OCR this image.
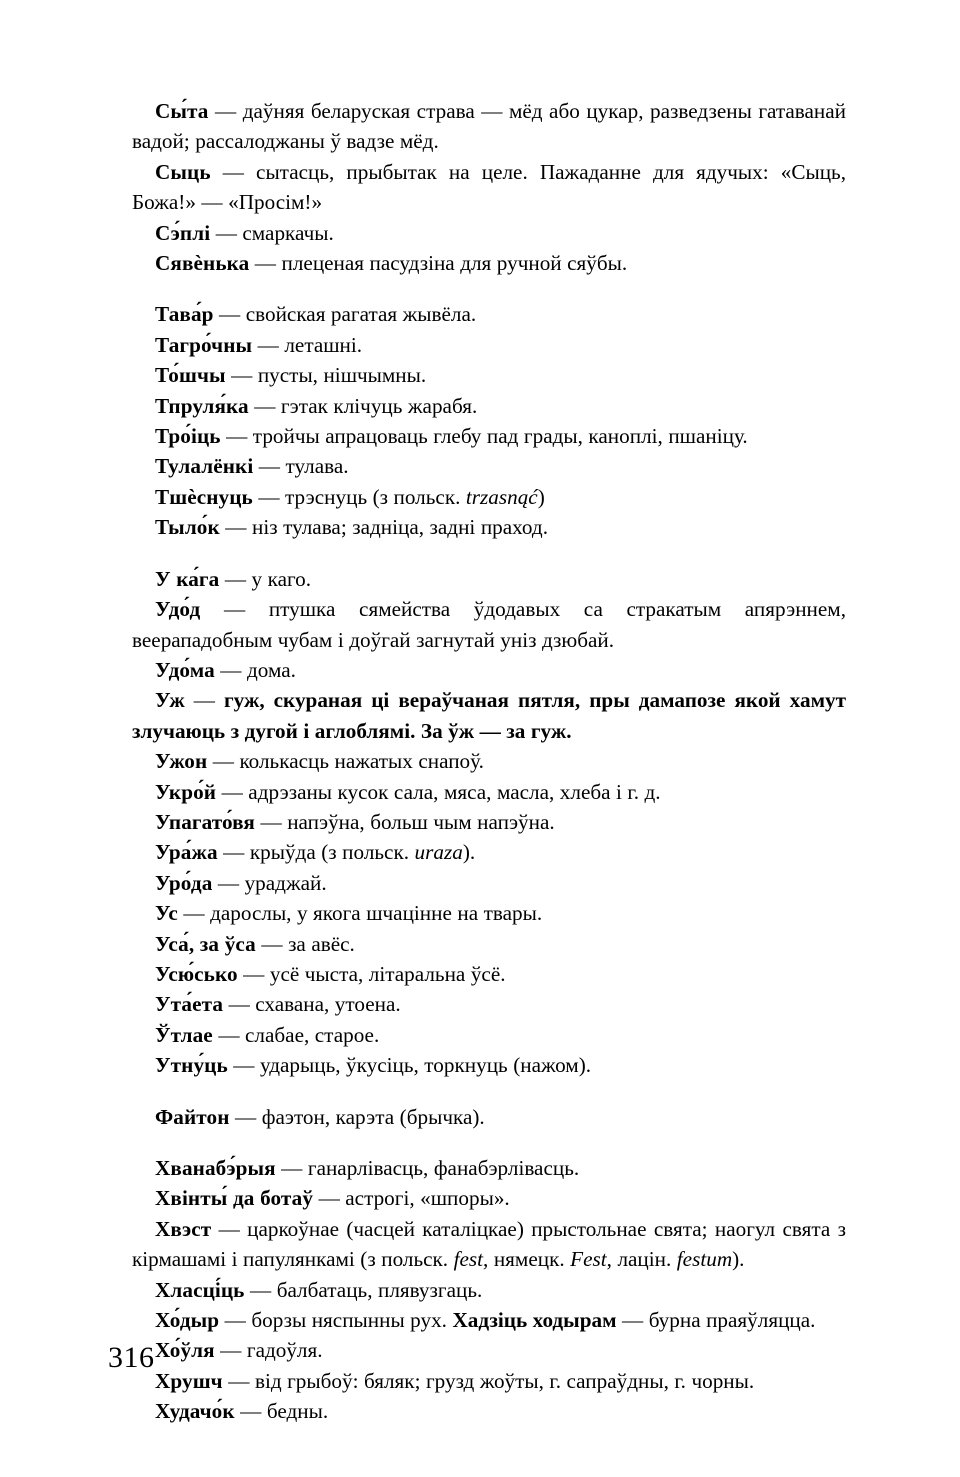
Сы́та — даўняя беларуская страва — мёд або цукар, разведзены гатаванай вадой; рассалоджаны ў вадзе мёд.

Сыць — сытасць, прыбытак на целе. Пажаданне для ядучых: «Сыць, Божа!» — «Просім!»

Сэ́плі — смаркачы.

Сявѐнька — плеценая пасудзіна для ручной сяўбы.

Тава́р — свойская рагатая жывёла.

Тагро́чны — леташні.

То́шчы — пусты, нішчымны.

Тпруля́ка — гэтак клічуць жарабя.

Тро́іць — тройчы апрацоваць глебу пад грады, каноплі, пшаніцу.

Тулалёнкі — тулава.

Тшѐснуць — трэснуць (з польск. trzasnąć)

Тыло́к — ніз тулава; задніца, задні праход.

У ка́га — у каго.

Удо́д — птушка сямейства ўдодавых са стракатым апярэннем, веерападобным чубам і доўгай загнутай уніз дзюбай.

Удо́ма — дома.

Уж — гуж, скураная ці вераўчаная пятля, пры дамапозе якой хамут злучаюць з дугой і аглоблямі. За ўж — за гуж.

Ужон — колькасць нажатых снапоў.

Укро́й — адрэзаны кусок сала, мяса, масла, хлеба і г. д.

Упагато́вя — напэўна, больш чым напэўна.

Ура́жа — крыўда (з польск. uraza).

Уро́да — ураджай.

Ус — дарослы, у якога шчацінне на твары.

Уса́, за ўса — за авёс.

Усю́сько — усё чыста, літаральна ўсё.

Ута́ета — схавана, утоена.

Ўтлае — слабае, старое.

Утну́ць — ударыць, ўкусіць, торкнуць (нажом).

Файтон — фаэтон, карэта (брычка).

Хванабэ́рыя — ганарлівасць, фанабэрлівасць.

Хвінты́ да ботаў — астрогі, «шпоры».

Хвэст — царкоўнае (часцей каталіцкае) прыстольнае свята; наогул свята з кірмашамі і папулянкамі (з польск. fest, нямецк. Fest, лацін. festum).

Хласці́ць — балбатаць, плявузгаць.

Хо́дыр — борзы няспынны рух. Хадзіць ходырам — бурна праяўляцца.

Хо́ўля — гадоўля.

Хрушч — від грыбоў: бяляк; грузд жоўты, г. сапраўдны, г. чорны.

Худачо́к — бедны.

316
